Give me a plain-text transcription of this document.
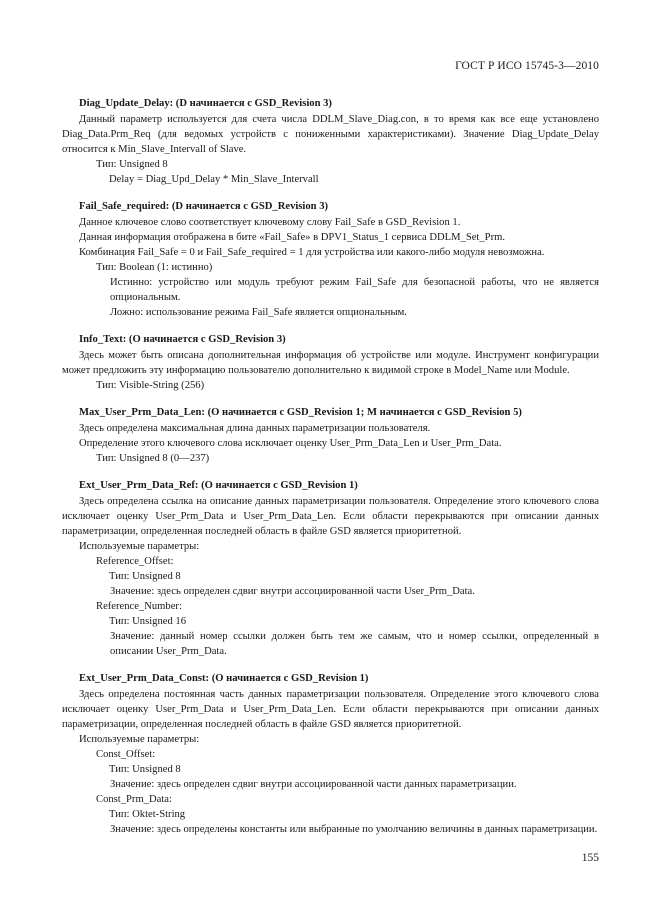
ГОСТ Р ИСО 15745-3—2010
Diag_Update_Delay: (D начинается с GSD_Revision 3)

Данный параметр используется для счета числа DDLM_Slave_Diag.con, в то время как все еще установлено Diag_Data.Prm_Req (для ведомых устройств с пониженными характеристиками). Значение Diag_Update_Delay относится к Min_Slave_Intervall of Slave.

Тип: Unsigned 8

Delay = Diag_Upd_Delay * Min_Slave_Intervall

Fail_Safe_required: (D начинается с GSD_Revision 3)

Данное ключевое слово соответствует ключевому слову Fail_Safe в GSD_Revision 1.

Данная информация отображена в бите «Fail_Safe» в DPV1_Status_1 сервиса DDLM_Set_Prm.

Комбинация Fail_Safe = 0 и Fail_Safe_required = 1 для устройства или какого-либо модуля невозможна.

Тип: Boolean (1: истинно)

Истинно: устройство или модуль требуют режим Fail_Safe для безопасной работы, что не является опциональным.

Ложно: использование режима Fail_Safe является опциональным.

Info_Text: (O начинается с GSD_Revision 3)

Здесь может быть описана дополнительная информация об устройстве или модуле. Инструмент конфигурации может предложить эту информацию пользователю дополнительно к видимой строке в Model_Name или Module.

Тип: Visible-String (256)

Max_User_Prm_Data_Len: (O начинается с GSD_Revision 1; M начинается с GSD_Revision 5)

Здесь определена максимальная длина данных параметризации пользователя.

Определение этого ключевого слова исключает оценку User_Prm_Data_Len и User_Prm_Data.

Тип: Unsigned 8 (0—237)

Ext_User_Prm_Data_Ref: (O начинается с GSD_Revision 1)

Здесь определена ссылка на описание данных параметризации пользователя. Определение этого ключевого слова исключает оценку User_Prm_Data и User_Prm_Data_Len. Если области перекрываются при описании данных параметризации, определенная последней область в файле GSD является приоритетной.

Используемые параметры:

Reference_Offset:

Тип: Unsigned 8

Значение: здесь определен сдвиг внутри ассоциированной части User_Prm_Data.

Reference_Number:

Тип: Unsigned 16

Значение: данный номер ссылки должен быть тем же самым, что и номер ссылки, определенный в описании User_Prm_Data.

Ext_User_Prm_Data_Const: (O начинается с GSD_Revision 1)

Здесь определена постоянная часть данных параметризации пользователя. Определение этого ключевого слова исключает оценку User_Prm_Data и User_Prm_Data_Len. Если области перекрываются при описании данных параметризации, определенная последней область в файле GSD является приоритетной.

Используемые параметры:

Const_Offset:

Тип: Unsigned 8

Значение: здесь определен сдвиг внутри ассоциированной части данных параметризации.

Const_Prm_Data:

Тип: Oktet-String

Значение: здесь определены константы или выбранные по умолчанию величины в данных параметризации.

155
